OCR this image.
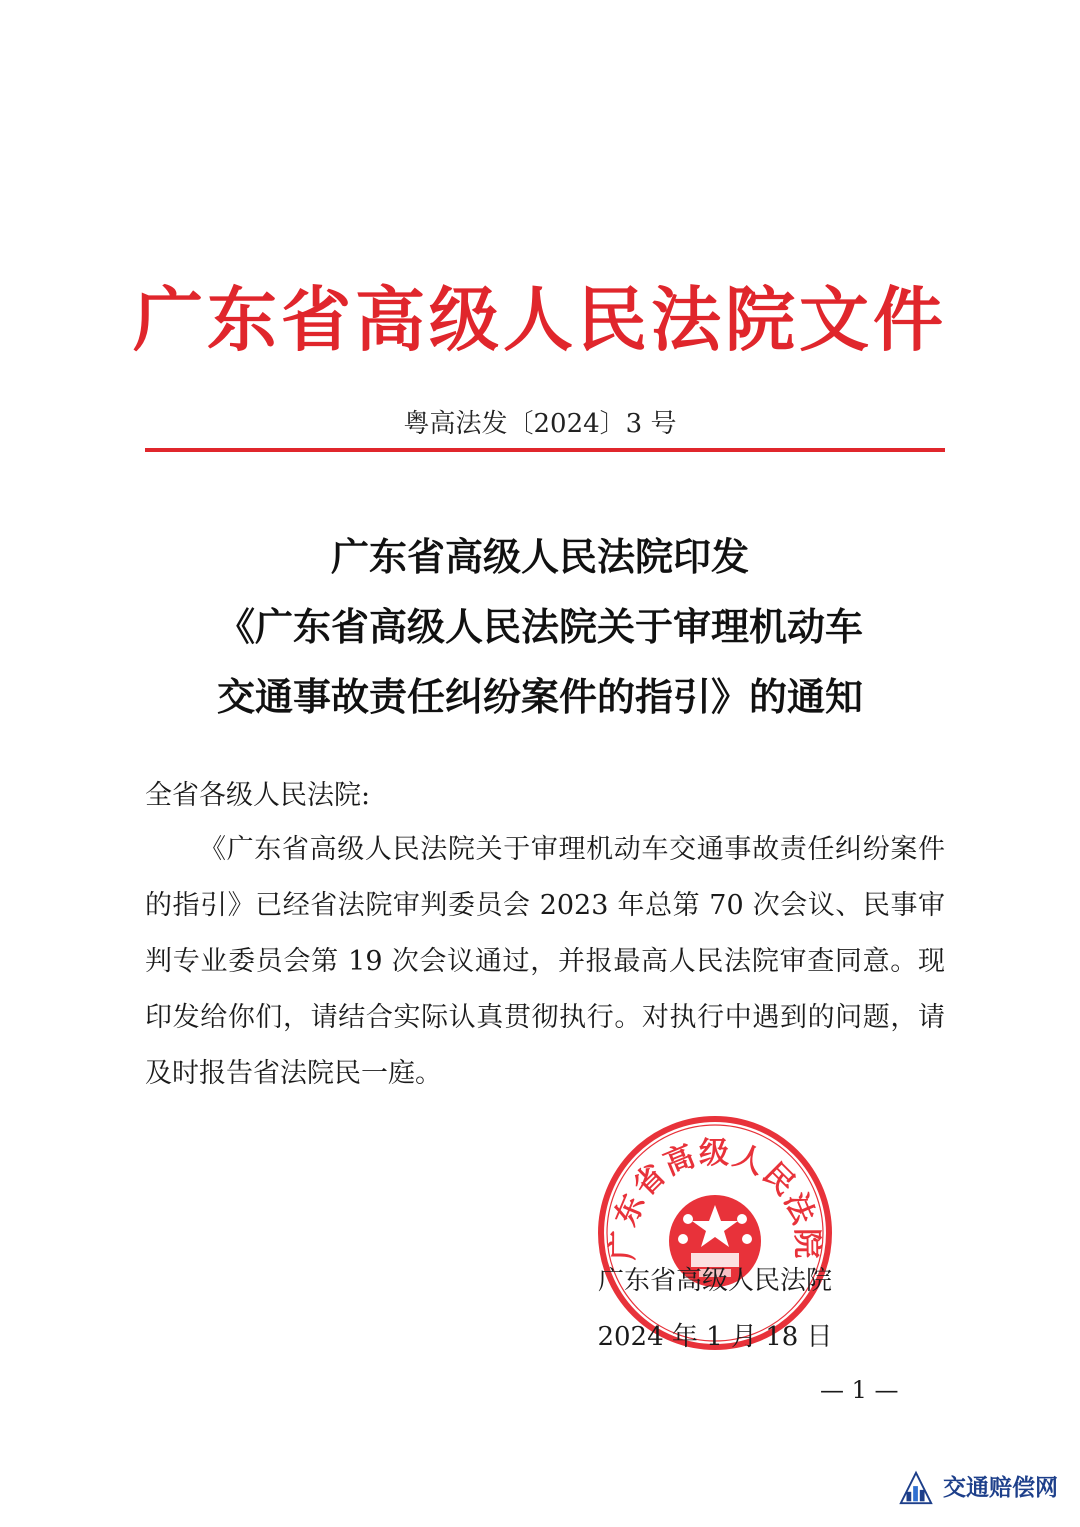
广东省高级人民法院文件
粤高法发〔2024〕3 号
广东省高级人民法院印发
《广东省高级人民法院关于审理机动车
交通事故责任纠纷案件的指引》的通知
全省各级人民法院:
《广东省高级人民法院关于审理机动车交通事故责任纠纷案件的指引》已经省法院审判委员会 2023 年总第 70 次会议、民事审判专业委员会第 19 次会议通过，并报最高人民法院审查同意。现印发给你们，请结合实际认真贯彻执行。对执行中遇到的问题，请及时报告省法院民一庭。
广东省高级人民法院
广东省高级人民法院
2024 年 1 月 18 日
— 1 —
交通赔偿网
